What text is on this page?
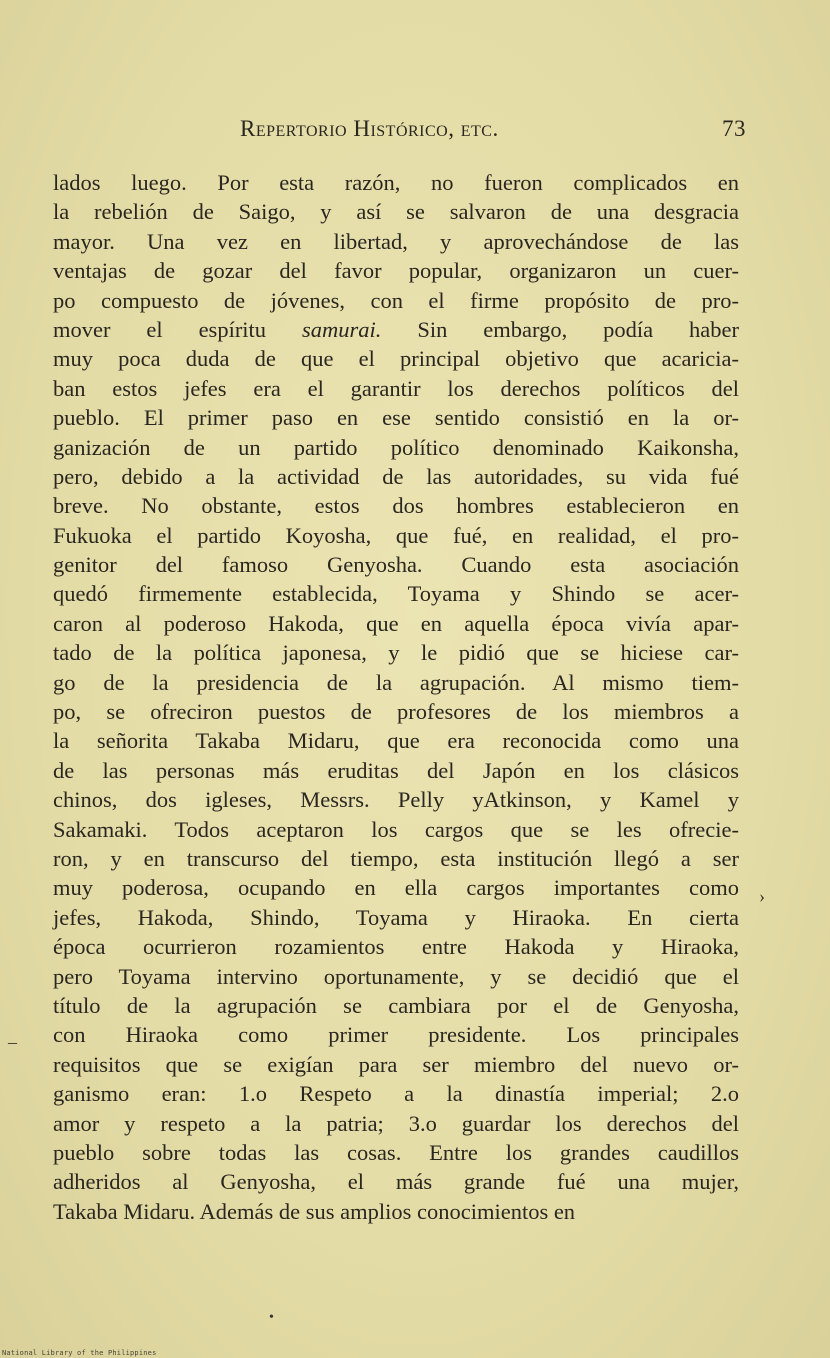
Repertorio Histórico, etc.	73
lados luego. Por esta razón, no fueron complicados en
la rebelión de Saigo, y así se salvaron de una desgracia
mayor. Una vez en libertad, y aprovechándose de las
ventajas de gozar del favor popular, organizaron un cuer-
po compuesto de jóvenes, con el firme propósito de pro-
mover el espíritu samurai. Sin embargo, podía haber
muy poca duda de que el principal objetivo que acaricia-
ban estos jefes era el garantir los derechos políticos del
pueblo. El primer paso en ese sentido consistió en la or-
ganización de un partido político denominado Kaikonsha,
pero, debido a la actividad de las autoridades, su vida fué
breve. No obstante, estos dos hombres establecieron en
Fukuoka el partido Koyosha, que fué, en realidad, el pro-
genitor del famoso Genyosha. Cuando esta asociación
quedó firmemente establecida, Toyama y Shindo se acer-
caron al poderoso Hakoda, que en aquella época vivía apar-
tado de la política japonesa, y le pidió que se hiciese car-
go de la presidencia de la agrupación. Al mismo tiem-
po, se ofreciron puestos de profesores de los miembros a
la señorita Takaba Midaru, que era reconocida como una
de las personas más eruditas del Japón en los clásicos
chinos, dos igleses, Messrs. Pelly yAtkinson, y Kamel y
Sakamaki. Todos aceptaron los cargos que se les ofrecie-
ron, y en transcurso del tiempo, esta institución llegó a ser
muy poderosa, ocupando en ella cargos importantes como
jefes, Hakoda, Shindo, Toyama y Hiraoka. En cierta
época ocurrieron rozamientos entre Hakoda y Hiraoka,
pero Toyama intervino oportunamente, y se decidió que el
título de la agrupación se cambiara por el de Genyosha,
con Hiraoka como primer presidente. Los principales
requisitos que se exigían para ser miembro del nuevo or-
ganismo eran: 1.o Respeto a la dinastía imperial; 2.o
amor y respeto a la patria; 3.o guardar los derechos del
pueblo sobre todas las cosas. Entre los grandes caudillos
adheridos al Genyosha, el más grande fué una mujer,
Takaba Midaru. Además de sus amplios conocimientos en
›
–
•
National Library of the Philippines
